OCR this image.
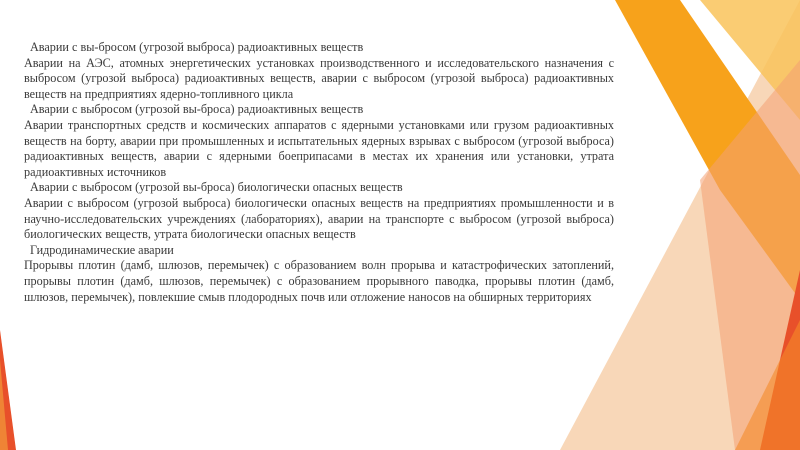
Аварии с вы-бросом (угрозой выброса) радиоактивных веществ

Аварии на АЭС, атомных энергетических установках производственного и исследовательского назначения с выбросом (угрозой выброса) радиоактивных веществ, аварии с выбросом (угрозой выброса) радиоактивных веществ на предприятиях ядерно-топливного цикла

Аварии с выбросом (угрозой вы-броса) радиоактивных веществ

Аварии транспортных средств и космических аппаратов с ядерными установками или грузом радиоактивных веществ на борту, аварии при промышленных и испытательных ядерных взрывах с выбросом (угрозой выброса) радиоактивных веществ, аварии с ядерными боеприпасами в местах их хранения или установки, утрата радиоактивных источников

Аварии с выбросом (угрозой вы-броса) биологически опасных веществ

Аварии с выбросом (угрозой выброса) биологически опасных веществ на предприятиях промышленности и в научно-исследовательских учреждениях (лабораториях), аварии на транспорте с выбросом (угрозой выброса) биологических веществ, утрата биологически опасных веществ

Гидродинамические аварии

Прорывы плотин (дамб, шлюзов, перемычек) с образованием волн прорыва и катастрофических затоплений, прорывы плотин (дамб, шлюзов, перемычек) с образованием прорывного паводка, прорывы плотин (дамб, шлюзов, перемычек), повлекшие смыв плодородных почв или отложение наносов на обширных территориях
